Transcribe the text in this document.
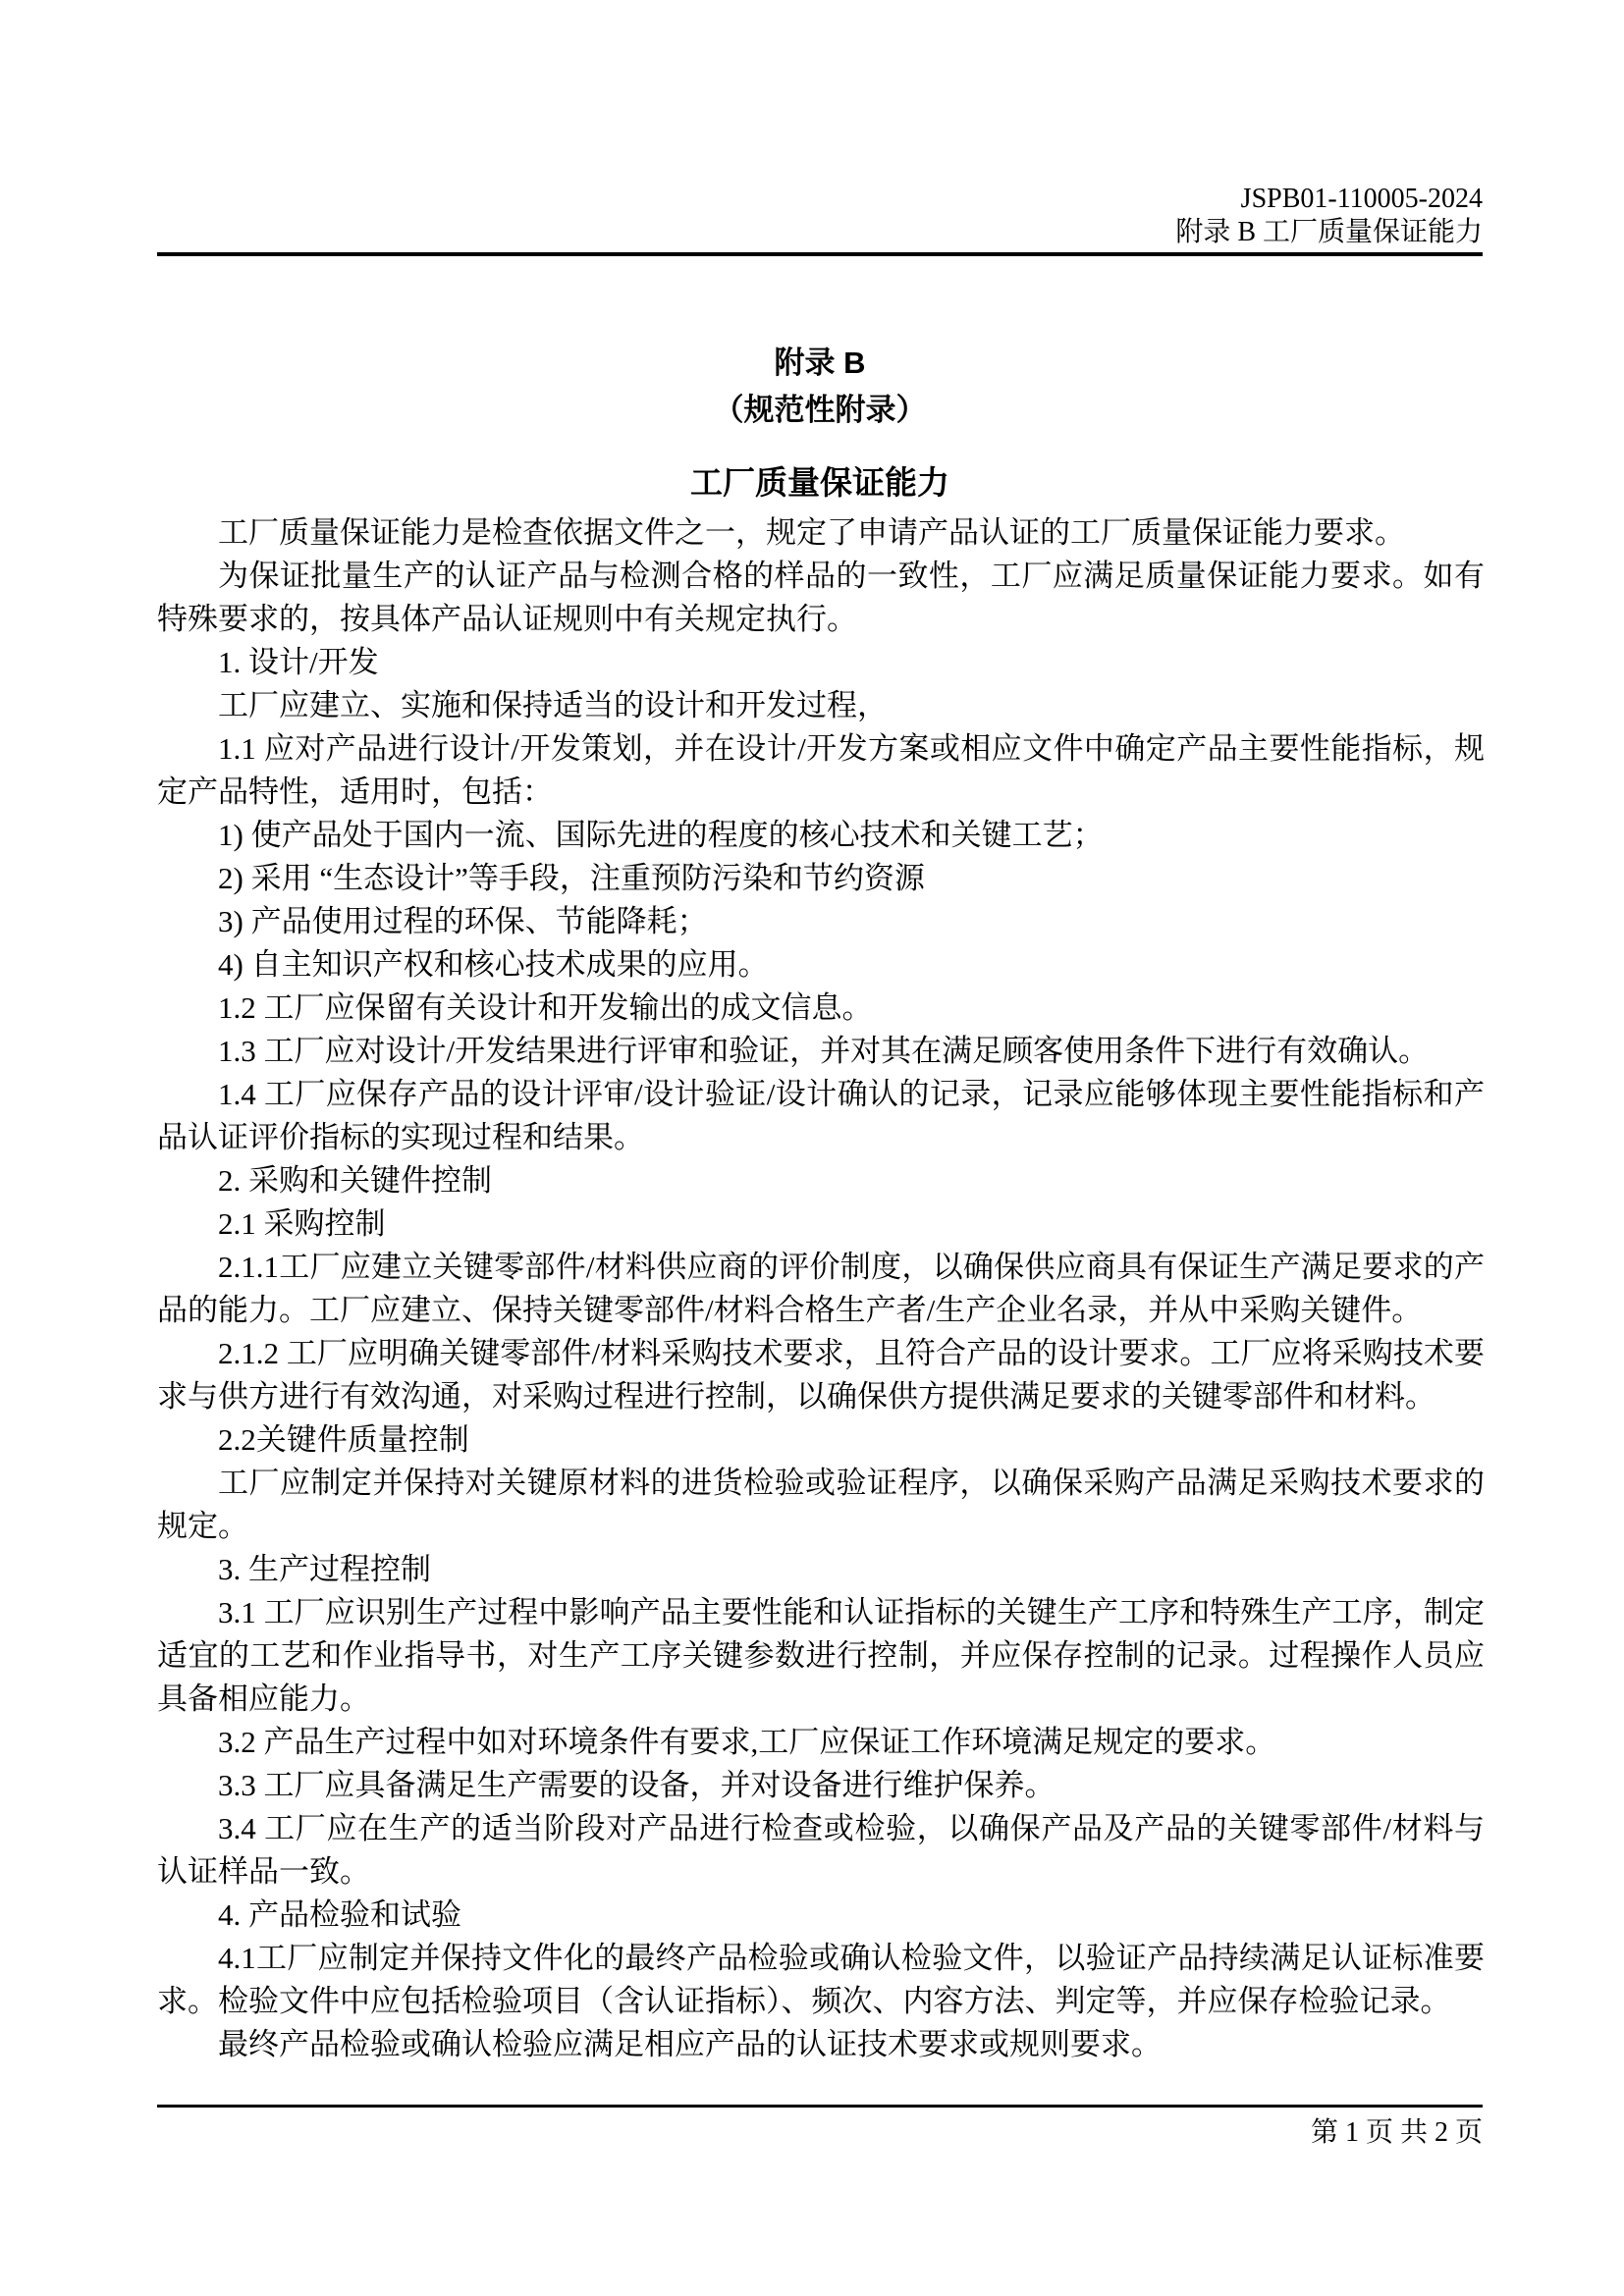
JSPB01-110005-2024
附录 B 工厂质量保证能力
附录 B
（规范性附录）
工厂质量保证能力

工厂质量保证能力是检查依据文件之一，规定了申请产品认证的工厂质量保证能力要求。

为保证批量生产的认证产品与检测合格的样品的一致性，工厂应满足质量保证能力要求。如有特殊要求的，按具体产品认证规则中有关规定执行。

1. 设计/开发

工厂应建立、实施和保持适当的设计和开发过程，

1.1 应对产品进行设计/开发策划，并在设计/开发方案或相应文件中确定产品主要性能指标，规定产品特性，适用时，包括：

1) 使产品处于国内一流、国际先进的程度的核心技术和关键工艺；

2) 采用 “生态设计”等手段，注重预防污染和节约资源

3) 产品使用过程的环保、节能降耗；

4) 自主知识产权和核心技术成果的应用。

1.2 工厂应保留有关设计和开发输出的成文信息。

1.3 工厂应对设计/开发结果进行评审和验证，并对其在满足顾客使用条件下进行有效确认。

1.4 工厂应保存产品的设计评审/设计验证/设计确认的记录，记录应能够体现主要性能指标和产品认证评价指标的实现过程和结果。

2. 采购和关键件控制

2.1 采购控制

2.1.1工厂应建立关键零部件/材料供应商的评价制度，以确保供应商具有保证生产满足要求的产品的能力。工厂应建立、保持关键零部件/材料合格生产者/生产企业名录，并从中采购关键件。

2.1.2 工厂应明确关键零部件/材料采购技术要求，且符合产品的设计要求。工厂应将采购技术要求与供方进行有效沟通，对采购过程进行控制，以确保供方提供满足要求的关键零部件和材料。

2.2关键件质量控制

工厂应制定并保持对关键原材料的进货检验或验证程序，以确保采购产品满足采购技术要求的规定。

3. 生产过程控制

3.1 工厂应识别生产过程中影响产品主要性能和认证指标的关键生产工序和特殊生产工序，制定适宜的工艺和作业指导书，对生产工序关键参数进行控制，并应保存控制的记录。过程操作人员应具备相应能力。

3.2 产品生产过程中如对环境条件有要求,工厂应保证工作环境满足规定的要求。

3.3 工厂应具备满足生产需要的设备，并对设备进行维护保养。

3.4 工厂应在生产的适当阶段对产品进行检查或检验，以确保产品及产品的关键零部件/材料与认证样品一致。

4. 产品检验和试验

4.1工厂应制定并保持文件化的最终产品检验或确认检验文件，以验证产品持续满足认证标准要求。检验文件中应包括检验项目（含认证指标）、频次、内容方法、判定等，并应保存检验记录。

最终产品检验或确认检验应满足相应产品的认证技术要求或规则要求。

第 1 页 共 2 页
